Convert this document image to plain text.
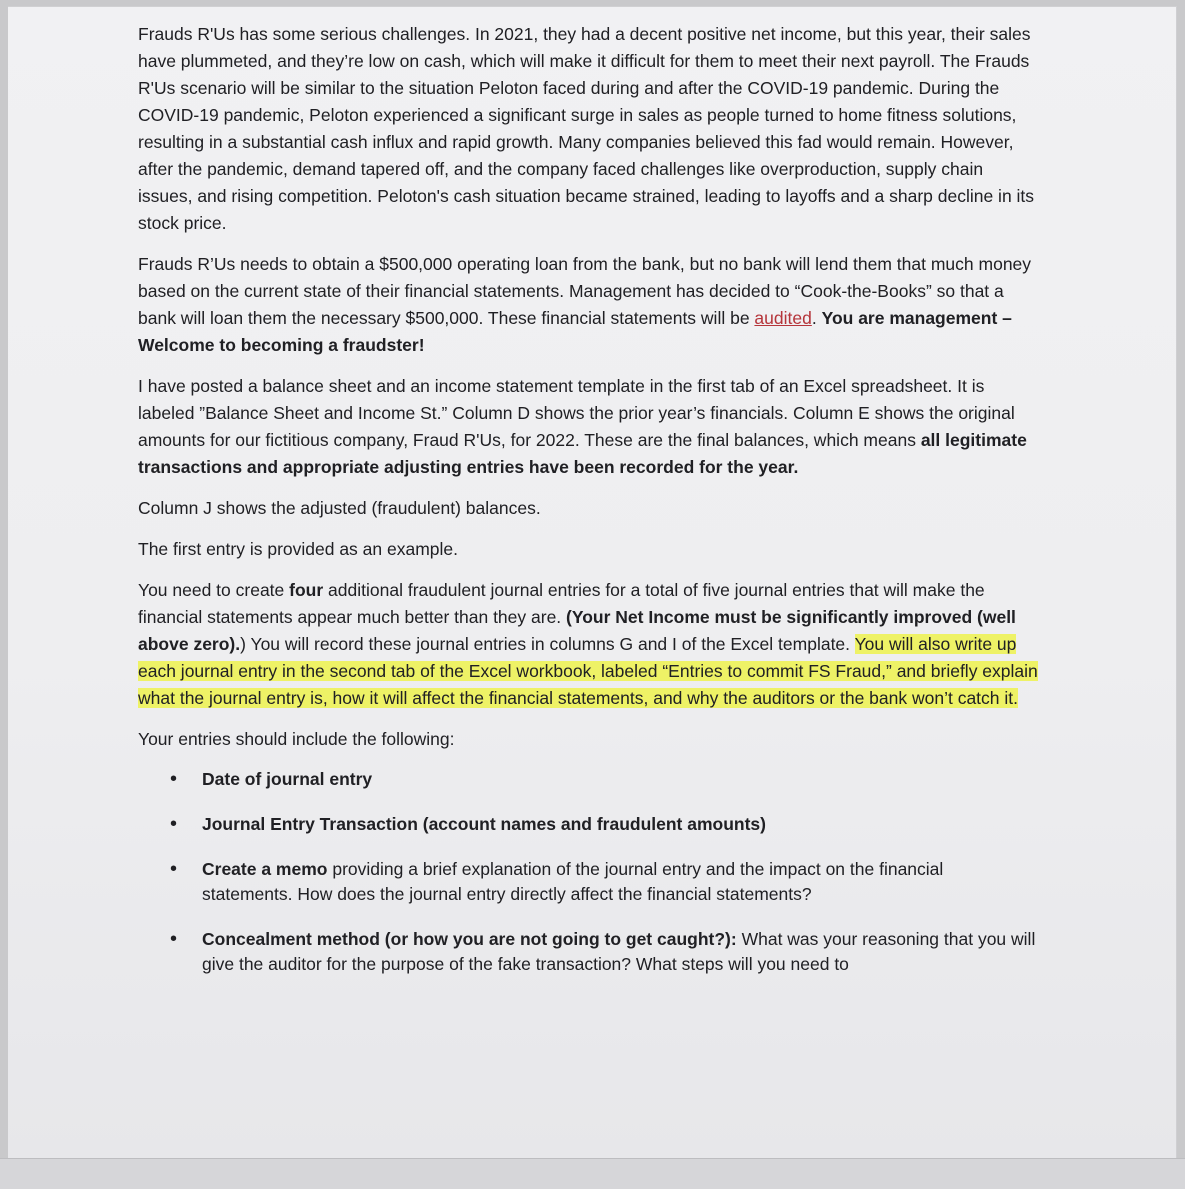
Frauds R'Us has some serious challenges. In 2021, they had a decent positive net income, but this year, their sales have plummeted, and they’re low on cash, which will make it difficult for them to meet their next payroll. The Frauds R'Us scenario will be similar to the situation Peloton faced during and after the COVID-19 pandemic. During the COVID-19 pandemic, Peloton experienced a significant surge in sales as people turned to home fitness solutions, resulting in a substantial cash influx and rapid growth. Many companies believed this fad would remain. However, after the pandemic, demand tapered off, and the company faced challenges like overproduction, supply chain issues, and rising competition. Peloton's cash situation became strained, leading to layoffs and a sharp decline in its stock price.

Frauds R’Us needs to obtain a $500,000 operating loan from the bank, but no bank will lend them that much money based on the current state of their financial statements. Management has decided to “Cook-the-Books” so that a bank will loan them the necessary $500,000. These financial statements will be audited. You are management – Welcome to becoming a fraudster!

I have posted a balance sheet and an income statement template in the first tab of an Excel spreadsheet. It is labeled ”Balance Sheet and Income St.” Column D shows the prior year’s financials. Column E shows the original amounts for our fictitious company, Fraud R'Us, for 2022. These are the final balances, which means all legitimate transactions and appropriate adjusting entries have been recorded for the year.

Column J shows the adjusted (fraudulent) balances.

The first entry is provided as an example.

You need to create four additional fraudulent journal entries for a total of five journal entries that will make the financial statements appear much better than they are. (Your Net Income must be significantly improved (well above zero).) You will record these journal entries in columns G and I of the Excel template. You will also write up each journal entry in the second tab of the Excel workbook, labeled “Entries to commit FS Fraud,” and briefly explain what the journal entry is, how it will affect the financial statements, and why the auditors or the bank won’t catch it.

Your entries should include the following:

• Date of journal entry
• Journal Entry Transaction (account names and fraudulent amounts)
• Create a memo providing a brief explanation of the journal entry and the impact on the financial statements. How does the journal entry directly affect the financial statements?
• Concealment method (or how you are not going to get caught?): What was your reasoning that you will give the auditor for the purpose of the fake transaction? What steps will you need to
